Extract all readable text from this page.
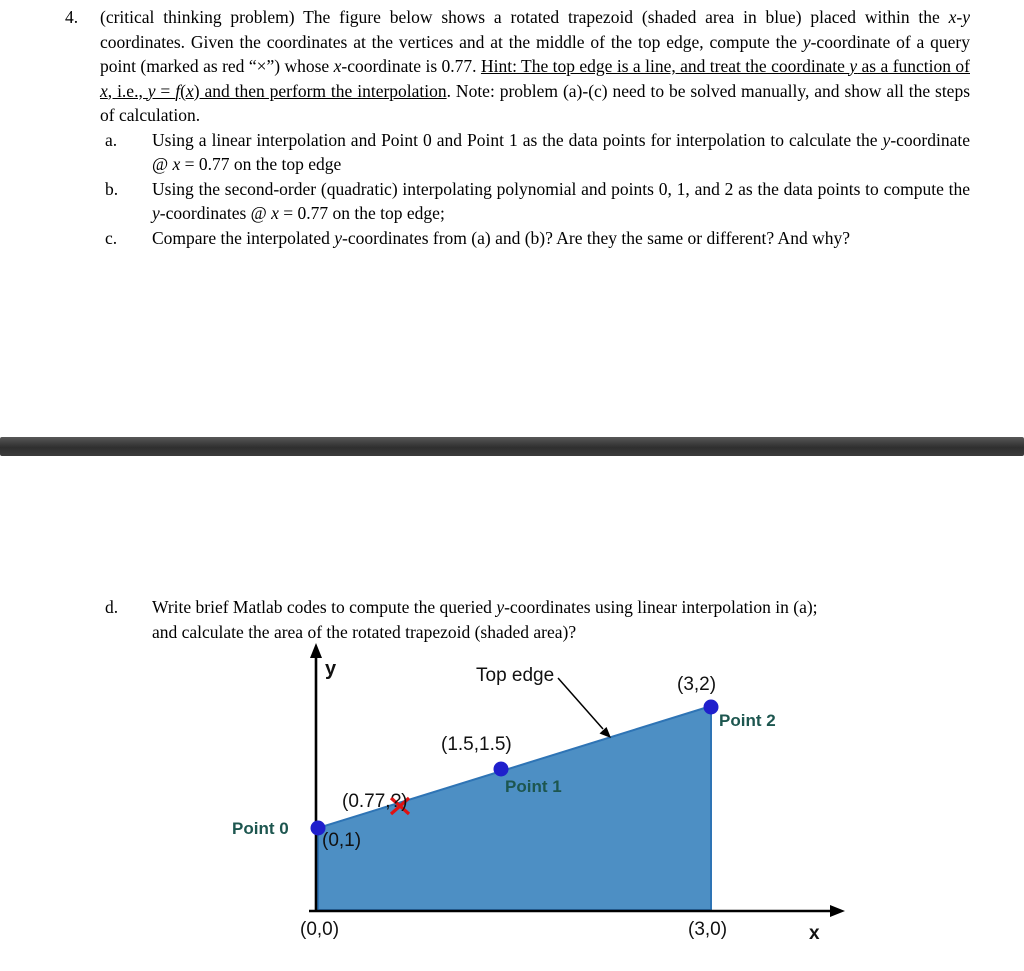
4. (critical thinking problem) The figure below shows a rotated trapezoid (shaded area in blue) placed within the x-y coordinates. Given the coordinates at the vertices and at the middle of the top edge, compute the y-coordinate of a query point (marked as red “×”) whose x-coordinate is 0.77. Hint: The top edge is a line, and treat the coordinate y as a function of x, i.e., y = f(x) and then perform the interpolation. Note: problem (a)-(c) need to be solved manually, and show all the steps of calculation.
a. Using a linear interpolation and Point 0 and Point 1 as the data points for interpolation to calculate the y-coordinate @ x = 0.77 on the top edge
b. Using the second-order (quadratic) interpolating polynomial and points 0, 1, and 2 as the data points to compute the y-coordinates @ x = 0.77 on the top edge;
c. Compare the interpolated y-coordinates from (a) and (b)? Are they the same or different? And why?
d. Write brief Matlab codes to compute the queried y-coordinates using linear interpolation in (a);
and calculate the area of the rotated trapezoid (shaded area)?
y	Top edge	(3,2)
Point 2
(1.5,1.5)
Point 1
(0.77,?)
Point 0
(0,1)
(0,0)	(3,0)	x
